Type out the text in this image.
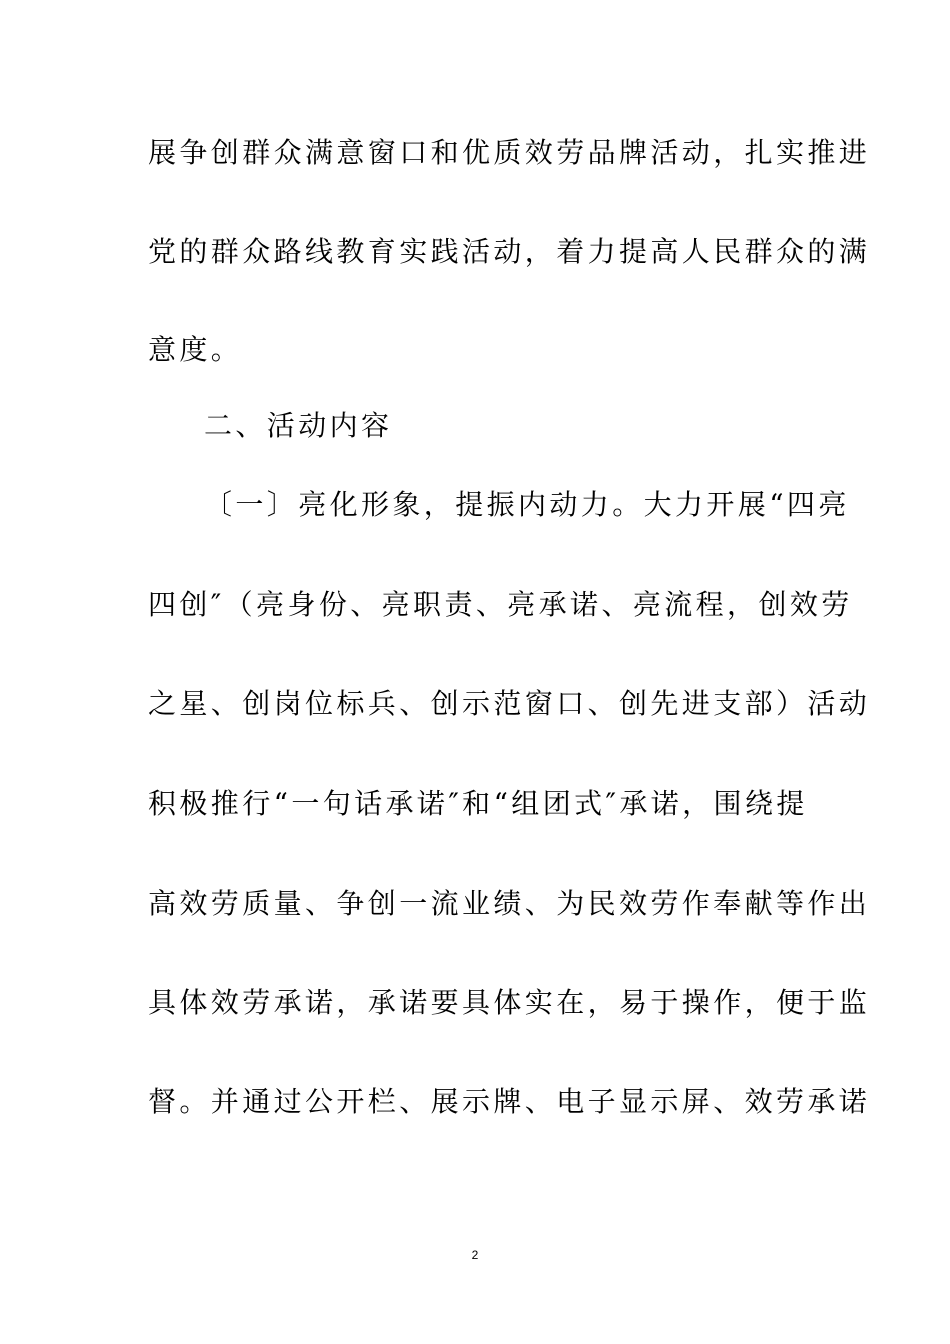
展争创群众满意窗口和优质效劳品牌活动，扎实推进

党的群众路线教育实践活动，着力提高人民群众的满

意度。

二、活动内容

〔一〕亮化形象，提振内动力。大力开展“四亮

四创″（亮身份、亮职责、亮承诺、亮流程，创效劳

之星、创岗位标兵、创示范窗口、创先进支部）活动

积极推行“一句话承诺″和“组团式″承诺，围绕提

高效劳质量、争创一流业绩、为民效劳作奉献等作出

具体效劳承诺，承诺要具体实在，易于操作，便于监

督。并通过公开栏、展示牌、电子显示屏、效劳承诺

2
